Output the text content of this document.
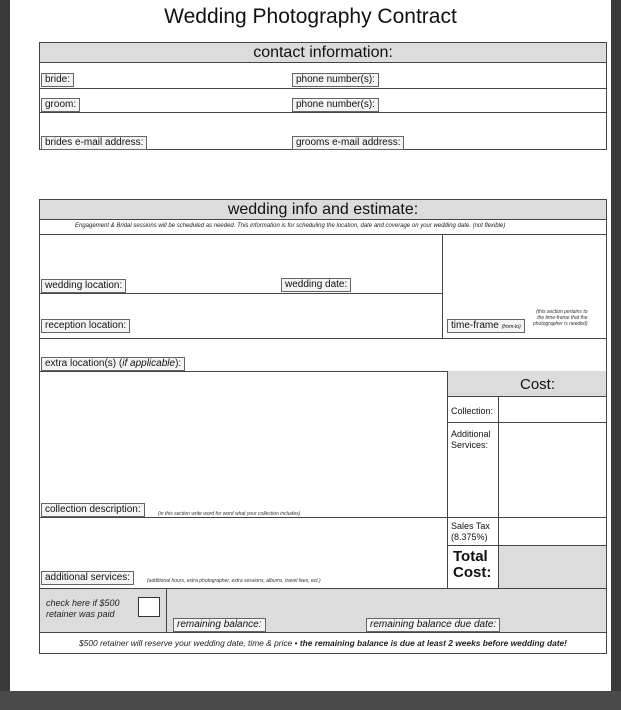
Wedding Photography Contract
contact information:
bride:	phone number(s):
groom:	phone number(s):
brides e-mail address:	grooms e-mail address:
wedding info and estimate:
Engagement & Bridal sessions will be scheduled as needed. This information is for scheduling the location, date and coverage on your wedding date. (not flexible)
wedding location:	wedding date:
reception location:	time-frame (from-to)
(this section pertains to
the time-frame that the
photographer is needed)
extra location(s) (if applicable):
Cost:
Collection:
Additional
Services:
Sales Tax
(8.375%)
Total
Cost:
collection description:	(in this section write word for word what your collection includes)
additional services:	(additional hours, extra photographer, extra sessions, albums, travel fees, ect.)
check here if $500
retainer was paid
remaining balance:	remaining balance due date:
$500 retainer will reserve your wedding date, time & price • the remaining balance is due at least 2 weeks before wedding date!
